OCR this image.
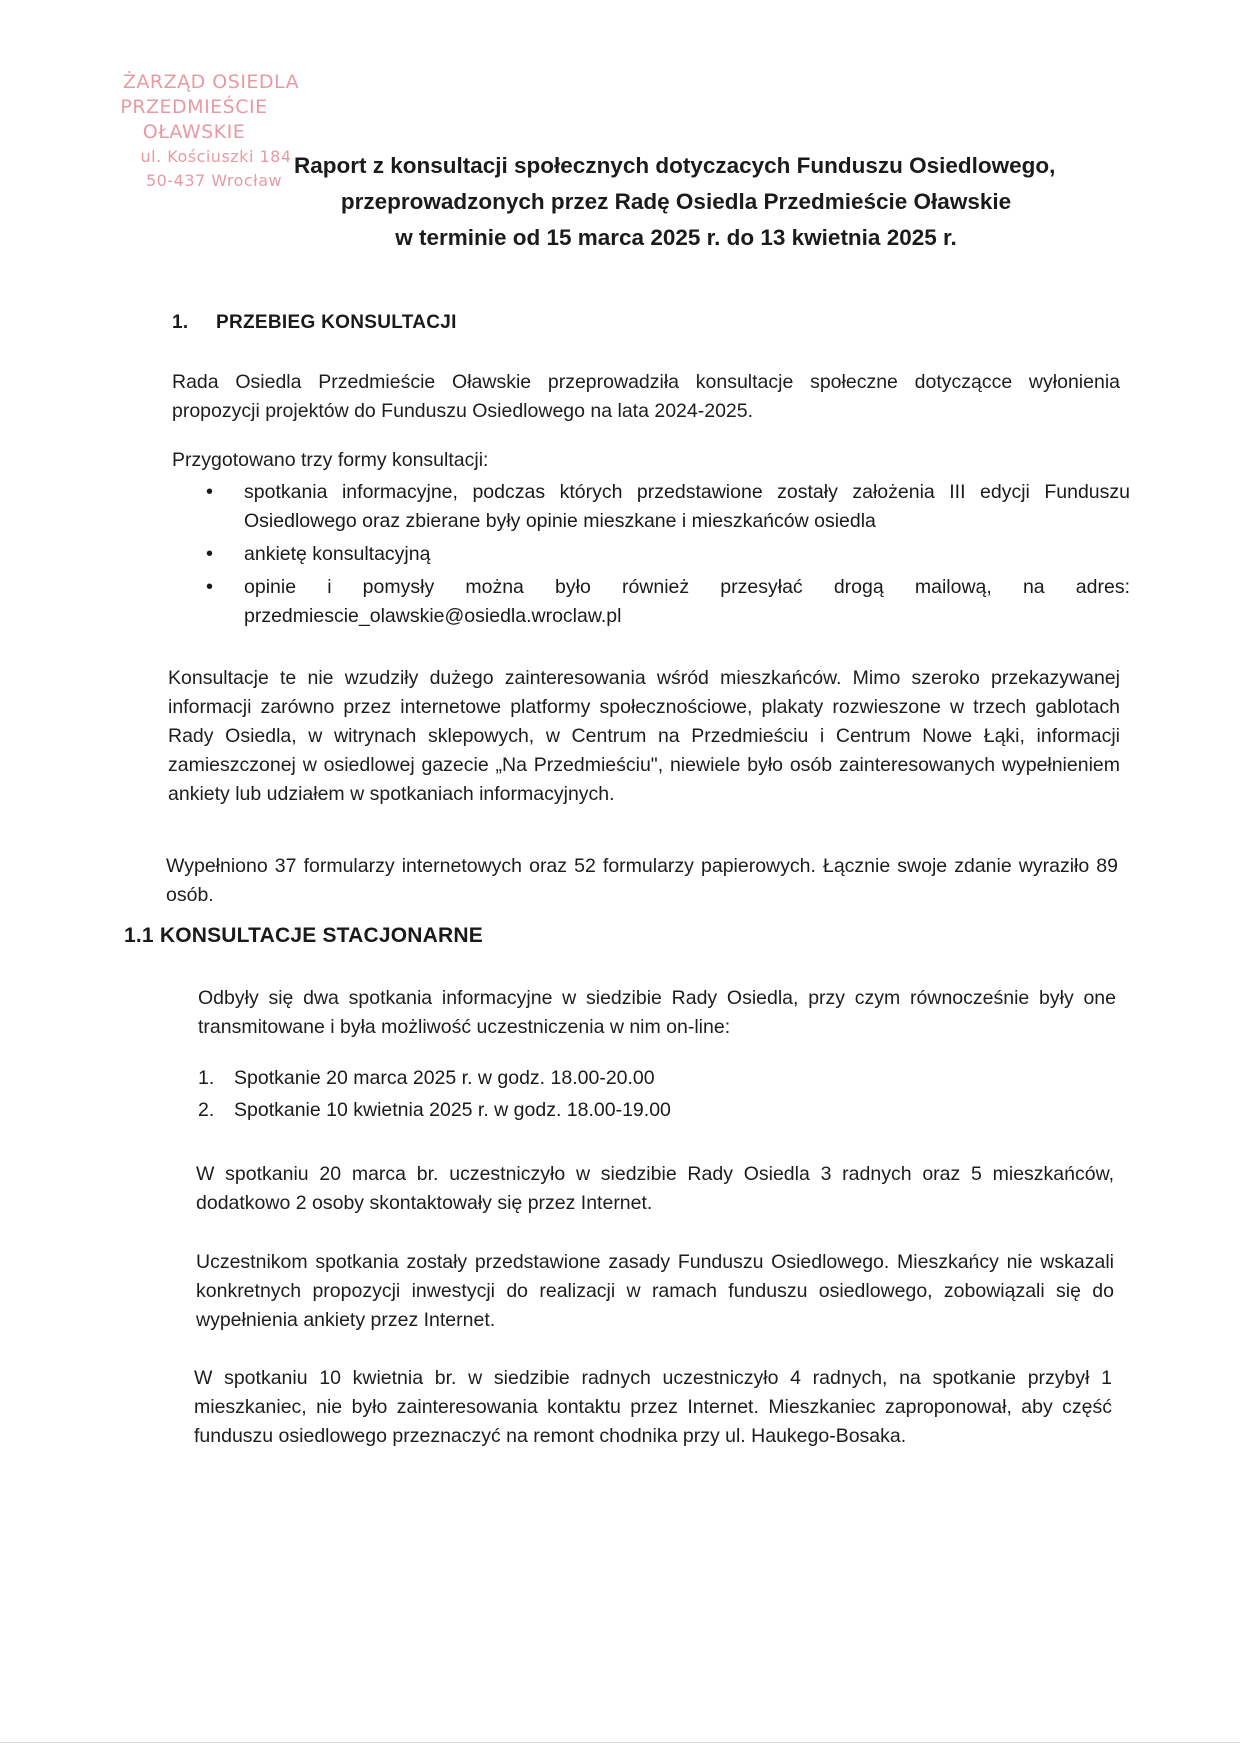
ŻARZĄD OSIEDLA
PRZEDMIEŚCIE OŁAWSKIE
ul. Kościuszki 184
50-437 Wrocław
Raport z konsultacji społecznych dotyczacych Funduszu Osiedlowego,
przeprowadzonych przez Radę Osiedla Przedmieście Oławskie
w terminie od 15 marca 2025 r. do 13 kwietnia 2025 r.
1. PRZEBIEG KONSULTACJI
Rada Osiedla Przedmieście Oławskie przeprowadziła konsultacje społeczne dotyczącce wyłonienia propozycji projektów do Funduszu Osiedlowego na lata 2024-2025.
Przygotowano trzy formy konsultacji:
• spotkania informacyjne, podczas których przedstawione zostały założenia III edycji Funduszu Osiedlowego oraz zbierane były opinie mieszkane i mieszkańców osiedla
• ankietę konsultacyjną
• opinie i pomysły można było również przesyłać drogą mailową, na adres: przedmiescie_olawskie@osiedla.wroclaw.pl
Konsultacje te nie wzudziły dużego zainteresowania wśród mieszkańców. Mimo szeroko przekazywanej informacji zarówno przez internetowe platformy społecznościowe, plakaty rozwieszone w trzech gablotach Rady Osiedla, w witrynach sklepowych, w Centrum na Przedmieściu i Centrum Nowe Łąki, informacji zamieszczonej w osiedlowej gazecie „Na Przedmieściu", niewiele było osób zainteresowanych wypełnieniem ankiety lub udziałem w spotkaniach informacyjnych.
Wypełniono 37 formularzy internetowych oraz 52 formularzy papierowych. Łącznie swoje zdanie wyraziło 89 osób.
1.1 KONSULTACJE STACJONARNE
Odbyły się dwa spotkania informacyjne w siedzibie Rady Osiedla, przy czym równocześnie były one transmitowane i była możliwość uczestniczenia w nim on-line:
1. Spotkanie 20 marca 2025 r. w godz. 18.00-20.00
2. Spotkanie 10 kwietnia 2025 r. w godz. 18.00-19.00
W spotkaniu 20 marca br. uczestniczyło w siedzibie Rady Osiedla 3 radnych oraz 5 mieszkańców, dodatkowo 2 osoby skontaktowały się przez Internet.
Uczestnikom spotkania zostały przedstawione zasady Funduszu Osiedlowego. Mieszkańcy nie wskazali konkretnych propozycji inwestycji do realizacji w ramach funduszu osiedlowego, zobowiązali się do wypełnienia ankiety przez Internet.
W spotkaniu 10 kwietnia br. w siedzibie radnych uczestniczyło 4 radnych, na spotkanie przybył 1 mieszkaniec, nie było zainteresowania kontaktu przez Internet. Mieszkaniec zaproponował, aby część funduszu osiedlowego przeznaczyć na remont chodnika przy ul. Haukego-Bosaka.
